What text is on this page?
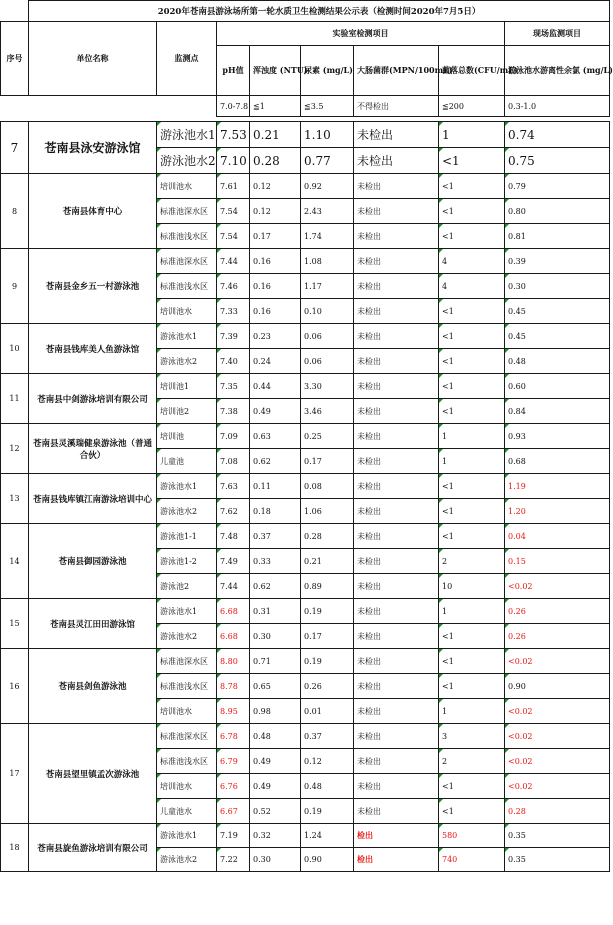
	2020年苍南县游泳场所第一轮水质卫生检测结果公示表（检测时间2020年7月5日）							
序号	单位名称	监测点	实验室检测项目					现场监测项目
			pH值	浑浊度 (NTU)	尿素 (mg/L)	大肠菌群(MPN/100mL)	菌落总数(CFU/mL)	游泳池水游离性余氯 (mg/L)
			7.0-7.8	≦1	≦3.5	不得检出	≦200	0.3-1.0

7	苍南县泳安游泳馆	游泳池水1	7.53	0.21	1.10	未检出	1	0.74
		游泳池水2	7.10	0.28	0.77	未检出	<1	0.75
8	苍南县体育中心	培训池水	7.61	0.12	0.92	未检出	<1	0.79
		标准池深水区	7.54	0.12	2.43	未检出	<1	0.80
		标准池浅水区	7.54	0.17	1.74	未检出	<1	0.81
9	苍南县金乡五一村游泳池	标准池深水区	7.44	0.16	1.08	未检出	4	0.39
		标准池浅水区	7.46	0.16	1.17	未检出	4	0.30
		培训池水	7.33	0.16	0.10	未检出	<1	0.45
10	苍南县钱库美人鱼游泳馆	游泳池水1	7.39	0.23	0.06	未检出	<1	0.45
		游泳池水2	7.40	0.24	0.06	未检出	<1	0.48
11	苍南县中剑游泳培训有限公司	培训池1	7.35	0.44	3.30	未检出	<1	0.60
		培训池2	7.38	0.49	3.46	未检出	<1	0.84
12	苍南县灵溪瑞健泉游泳池（普通合伙）	培训池	7.09	0.63	0.25	未检出	1	0.93
		儿童池	7.08	0.62	0.17	未检出	1	0.68
13	苍南县钱库镇江南游泳培训中心	游泳池水1	7.63	0.11	0.08	未检出	<1	1.19
		游泳池水2	7.62	0.18	1.06	未检出	<1	1.20
14	苍南县御园游泳池	游泳池1-1	7.48	0.37	0.28	未检出	<1	0.04
		游泳池1-2	7.49	0.33	0.21	未检出	2	0.15
		游泳池2	7.44	0.62	0.89	未检出	10	<0.02
15	苍南县灵江田田游泳馆	游泳池水1	6.68	0.31	0.19	未检出	1	0.26
		游泳池水2	6.68	0.30	0.17	未检出	<1	0.26
16	苍南县剑鱼游泳池	标准池深水区	8.80	0.71	0.19	未检出	<1	<0.02
		标准池浅水区	8.78	0.65	0.26	未检出	<1	0.90
		培训池水	8.95	0.98	0.01	未检出	1	<0.02
17	苍南县望里镇孟次游泳池	标准池深水区	6.78	0.48	0.37	未检出	3	<0.02
		标准池浅水区	6.79	0.49	0.12	未检出	2	<0.02
		培训池水	6.76	0.49	0.48	未检出	<1	<0.02
		儿童池水	6.67	0.52	0.19	未检出	<1	0.28
18	苍南县旋鱼游泳培训有限公司	游泳池水1	7.19	0.32	1.24	检出	580	0.35
		游泳池水2	7.22	0.30	0.90	检出	740	0.35
